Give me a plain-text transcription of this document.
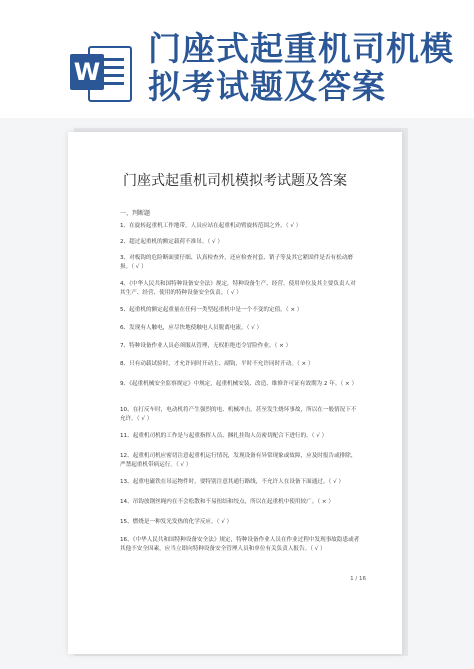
W
门座式起重机司机模拟考试题及答案
门座式起重机司机模拟考试题及答案
一、判断题
1、在旋转起重机工作地带，人员应站在起重机动臂旋转范围之外。（ √ ）
2、超过起重机的额定载荷不准吊。（ √ ）
3、对板钩的危险断面要仔细、认真检查外，还应检查衬套、销子等及其它紧固件是否有松动磨损。（ √ ）
4、《中华人民共和国特种设备安全法》规定，特种设备生产、经营、使用单位及其主要负责人对其生产、经营、使用的特种设备安全负责。（ √ ）
5、起重机的额定起重量在任何一类型起重机中是一个不变的定值。（ × ）
6、发现有人触电，应尽快地使触电人员脱离电流。（ √ ）
7、特种设备作业人员必须服从管理，无权拒绝违令冒险作业。（ × ）
8、只有动载试验时，才允许同时开动主、副钩，平时不允许同时开动。（ × ）
9、《起重机械安全监察规定》中规定，起重机械安装、改造、维修许可证有效期为 2 年。（ × ）
10、在打反车时，电动机将产生强烈的电、机械冲击，甚至发生烧坏事故，所以在一般情况下不允许。（ √ ）
11、起重机司机的工作是与起重指挥人员、捆扎挂钩人员密切配合下进行的。（ √ ）
12、起重机司机应密切注意起重机运行情况，发现设备有异常现象或故障，应及时报告或排除，严禁起重机带病运行。（ √ ）
13、起重电磁铁在吊运物件时，要特别注意其通行路线，不允许人在设备下面通过。（ √ ）
14、吊钩放钢丝绳内在不会松散和不易扭结和绞点，所以在起重机中使用较广。（ × ）
15、燃烧是一种发光发热的化学反应。（ √ ）
16、《中华人民共和国特种设备安全法》规定，特种设备作业人员在作业过程中发现事故隐患或者其他不安全因素，应当立即向特种设备安全管理人员和单位有关负责人报告。（ √ ）
1 / 16
